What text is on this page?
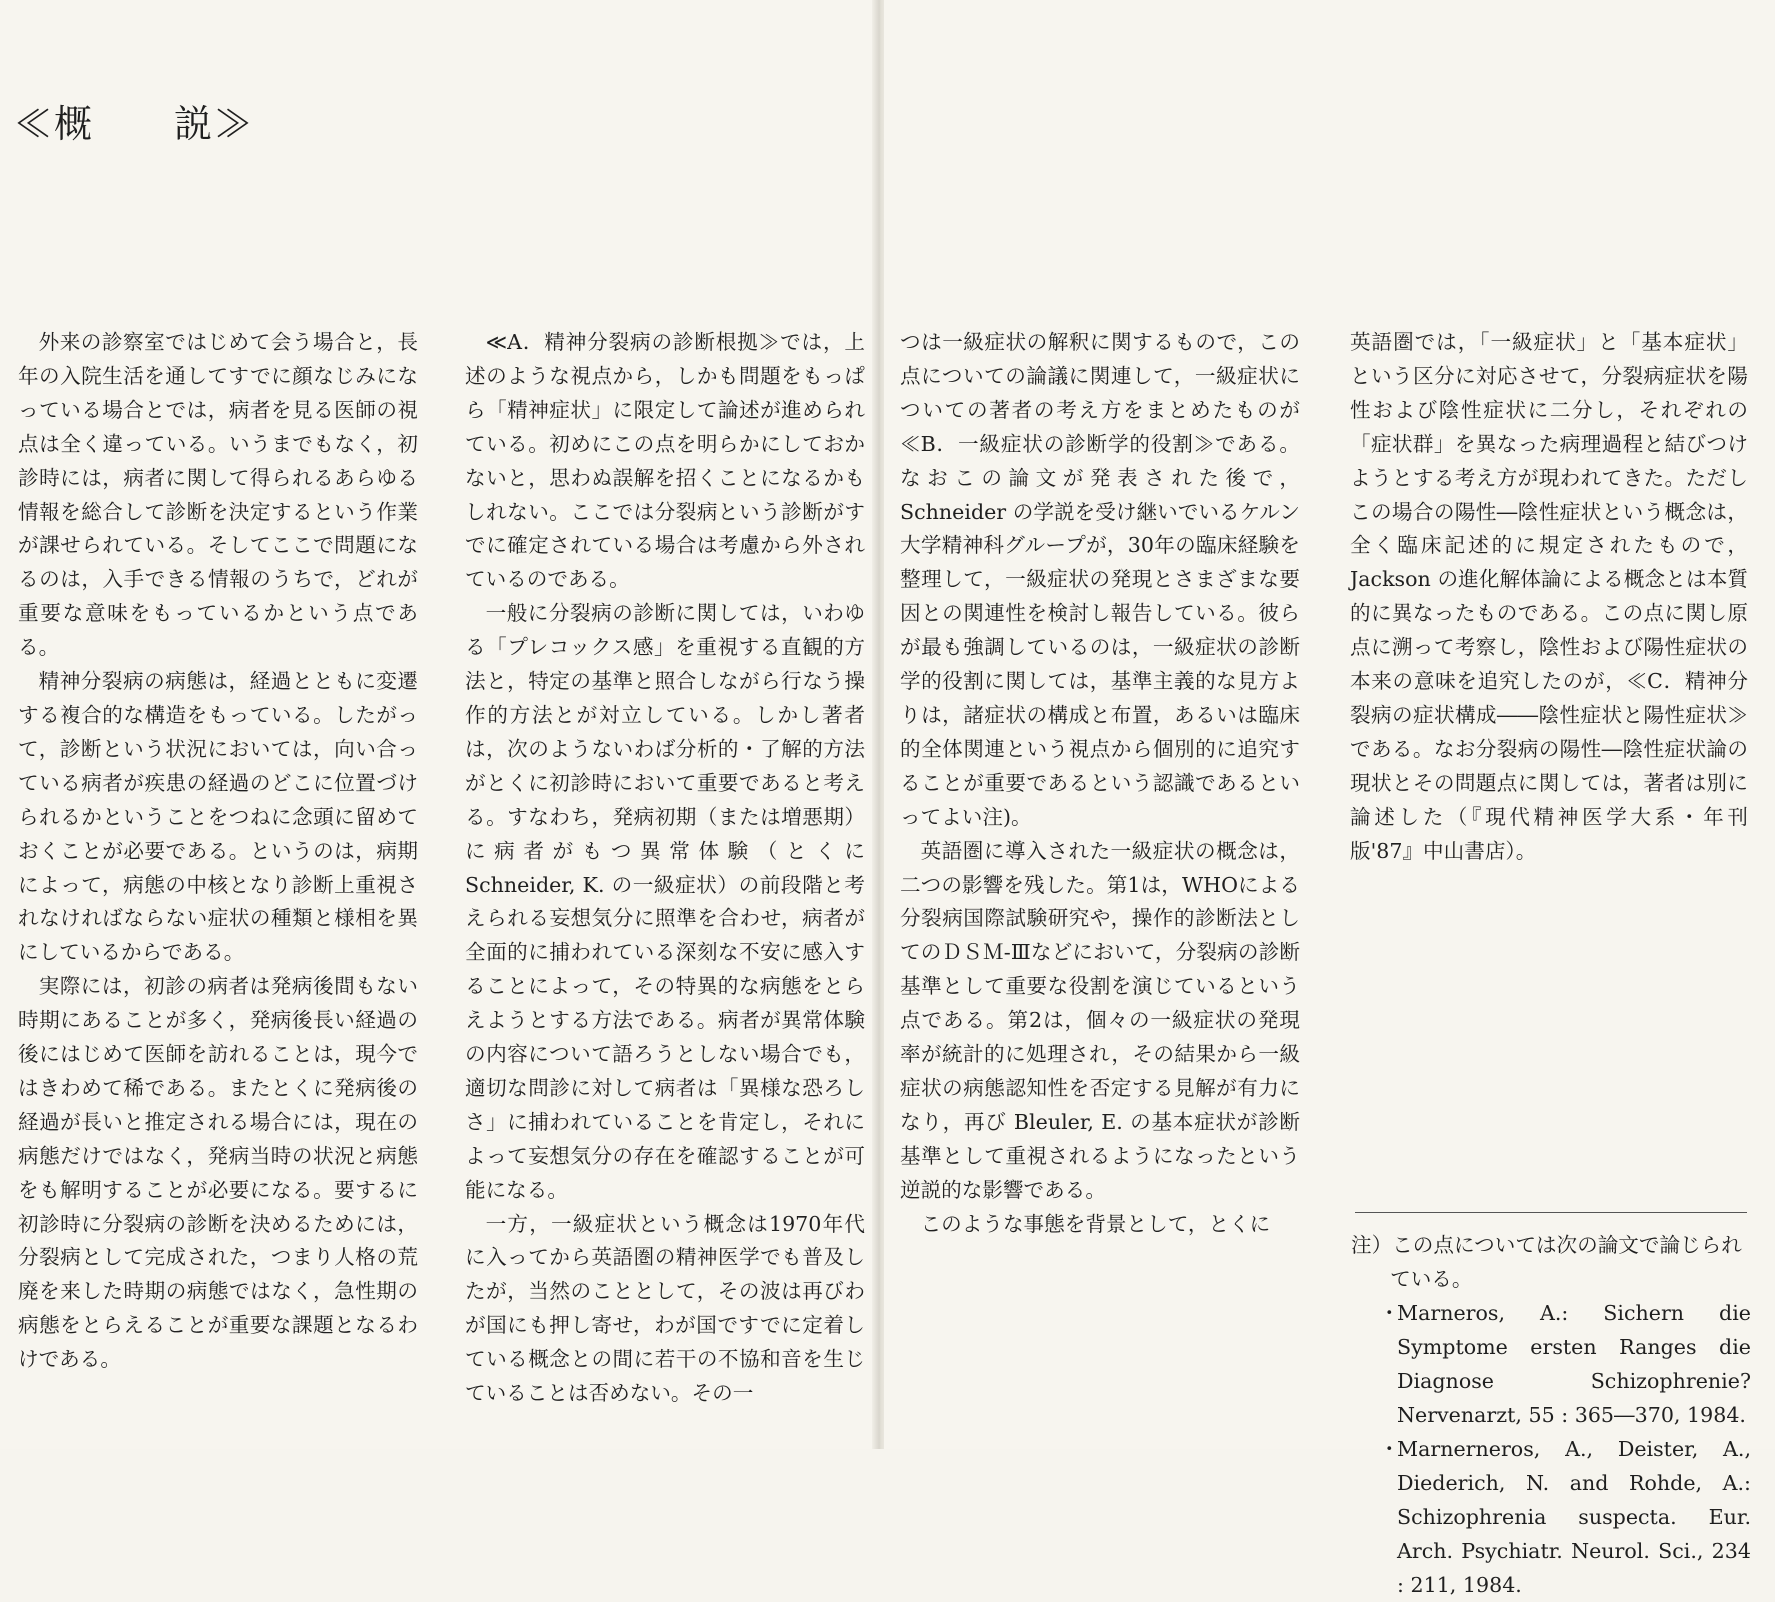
≪概　　説≫

外来の診察室ではじめて会う場合と，長年の入院生活を通してすでに顔なじみになっている場合とでは，病者を見る医師の視点は全く違っている。いうまでもなく，初診時には，病者に関して得られるあらゆる情報を総合して診断を決定するという作業が課せられている。そしてここで問題になるのは，入手できる情報のうちで，どれが重要な意味をもっているかという点である。

精神分裂病の病態は，経過とともに変遷する複合的な構造をもっている。したがって，診断という状況においては，向い合っている病者が疾患の経過のどこに位置づけられるかということをつねに念頭に留めておくことが必要である。というのは，病期によって，病態の中核となり診断上重視されなければならない症状の種類と様相を異にしているからである。

実際には，初診の病者は発病後間もない時期にあることが多く，発病後長い経過の後にはじめて医師を訪れることは，現今ではきわめて稀である。またとくに発病後の経過が長いと推定される場合には，現在の病態だけではなく，発病当時の状況と病態をも解明することが必要になる。要するに初診時に分裂病の診断を決めるためには，分裂病として完成された，つまり人格の荒廃を来した時期の病態ではなく，急性期の病態をとらえることが重要な課題となるわけである。

≪A．精神分裂病の診断根拠≫では，上述のような視点から，しかも問題をもっぱら「精神症状」に限定して論述が進められている。初めにこの点を明らかにしておかないと，思わぬ誤解を招くことになるかもしれない。ここでは分裂病という診断がすでに確定されている場合は考慮から外されているのである。

一般に分裂病の診断に関しては，いわゆる「プレコックス感」を重視する直観的方法と，特定の基準と照合しながら行なう操作的方法とが対立している。しかし著者は，次のようないわば分析的・了解的方法がとくに初診時において重要であると考える。すなわち，発病初期（または増悪期）に病者がもつ異常体験（とくに Schneider, K. の一級症状）の前段階と考えられる妄想気分に照準を合わせ，病者が全面的に捕われている深刻な不安に感入することによって，その特異的な病態をとらえようとする方法である。病者が異常体験の内容について語ろうとしない場合でも，適切な問診に対して病者は「異様な恐ろしさ」に捕われていることを肯定し，それによって妄想気分の存在を確認することが可能になる。

一方，一級症状という概念は1970年代に入ってから英語圏の精神医学でも普及したが，当然のこととして，その波は再びわが国にも押し寄せ，わが国ですでに定着している概念との間に若干の不協和音を生じていることは否めない。その一

つは一級症状の解釈に関するもので，この点についての論議に関連して，一級症状についての著者の考え方をまとめたものが≪B．一級症状の診断学的役割≫である。なおこの論文が発表された後で，Schneider の学説を受け継いでいるケルン大学精神科グループが，30年の臨床経験を整理して，一級症状の発現とさまざまな要因との関連性を検討し報告している。彼らが最も強調しているのは，一級症状の診断学的役割に関しては，基準主義的な見方よりは，諸症状の構成と布置，あるいは臨床的全体関連という視点から個別的に追究することが重要であるという認識であるといってよい注)。

英語圏に導入された一級症状の概念は，二つの影響を残した。第1は，WHOによる分裂病国際試験研究や，操作的診断法としてのＤＳＭ-Ⅲなどにおいて，分裂病の診断基準として重要な役割を演じているという点である。第2は，個々の一級症状の発現率が統計的に処理され，その結果から一級症状の病態認知性を否定する見解が有力になり，再び Bleuler, E. の基本症状が診断基準として重視されるようになったという逆説的な影響である。

このような事態を背景として，とくに

英語圏では，「一級症状」と「基本症状」という区分に対応させて，分裂病症状を陽性および陰性症状に二分し，それぞれの「症状群」を異なった病理過程と結びつけようとする考え方が現われてきた。ただしこの場合の陽性―陰性症状という概念は，全く臨床記述的に規定されたもので，Jackson の進化解体論による概念とは本質的に異なったものである。この点に関し原点に溯って考察し，陰性および陽性症状の本来の意味を追究したのが，≪C．精神分裂病の症状構成――陰性症状と陽性症状≫である。なお分裂病の陽性―陰性症状論の現状とその問題点に関しては，著者は別に論述した（『現代精神医学大系・年刊版'87』中山書店）。

注）この点については次の論文で論じられている。

・
Marneros, A.: Sichern die Symptome ersten Ranges die Diagnose Schizophrenie? Nervenarzt, 55 : 365―370, 1984.
・
Marnerneros, A., Deister, A., Diederich, N. and Rohde, A.: Schizophrenia suspecta. Eur. Arch. Psychiatr. Neurol. Sci., 234 : 211, 1984.
